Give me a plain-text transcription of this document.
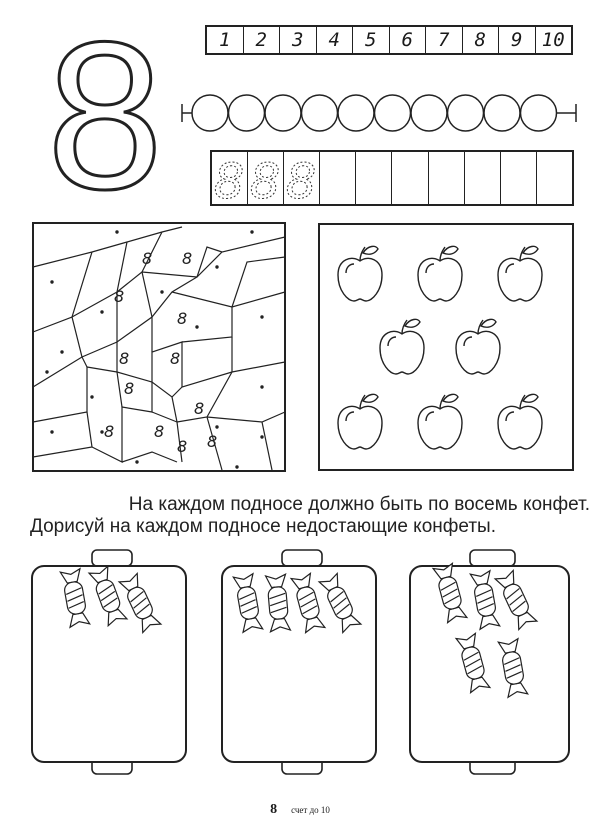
8	1	2	3	4	5	6	7	8	9	10
8 8 8
8 8
8
8
8	8
8
8
8 8
8 8
На каждом подносе должно быть по восемь конфет.
Дорисуй на каждом подносе недостающие конфеты.
8 счет до 10
